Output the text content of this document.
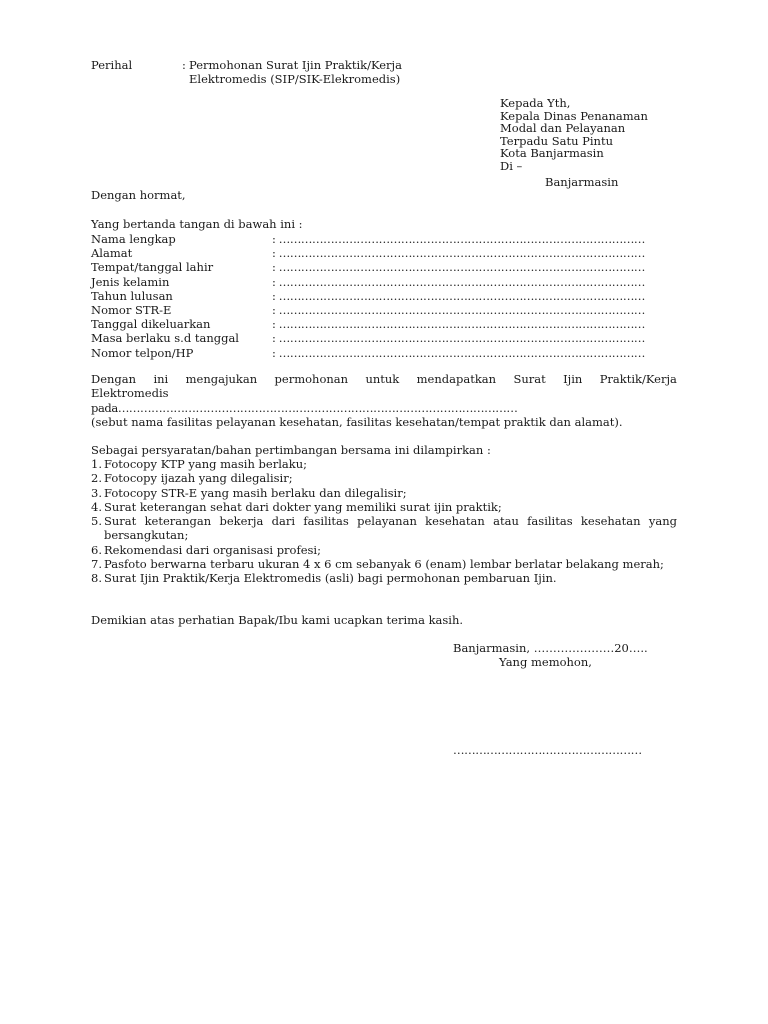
Perihal	: Permohonan Surat Ijin Praktik/Kerja
Elektromedis (SIP/SIK-Elekromedis)
Kepada Yth,
Kepala Dinas Penanaman
Modal dan Pelayanan
Terpadu Satu Pintu
Kota Banjarmasin
Di –
Banjarmasin
Dengan hormat,
Yang bertanda tangan di bawah ini :
Nama lengkap	: ………………………………………………………………………………………
Alamat	: ………………………………………………………………………………………
Tempat/tanggal lahir	: ………………………………………………………………………………………
Jenis kelamin	: ………………………………………………………………………………………
Tahun lulusan	: ………………………………………………………………………………………
Nomor STR-E	: ………………………………………………………………………………………
Tanggal dikeluarkan	: ………………………………………………………………………………………
Masa berlaku s.d tanggal	: ………………………………………………………………………………………
Nomor telpon/HP	: ………………………………………………………………………………………
Dengan ini mengajukan permohonan untuk mendapatkan Surat Ijin Praktik/Kerja
Elektromedis
pada………………………………………………………………………………………………
(sebut nama fasilitas pelayanan kesehatan, fasilitas kesehatan/tempat praktik dan alamat).
Sebagai persyaratan/bahan pertimbangan bersama ini dilampirkan :
1. Fotocopy KTP yang masih berlaku;
2. Fotocopy ijazah yang dilegalisir;
3. Fotocopy STR-E yang masih berlaku dan dilegalisir;
4. Surat keterangan sehat dari dokter yang memiliki surat ijin praktik;
5. Surat keterangan bekerja dari fasilitas pelayanan kesehatan atau fasilitas kesehatan yang bersangkutan;
6. Rekomendasi dari organisasi profesi;
7. Pasfoto berwarna terbaru ukuran 4 x 6 cm sebanyak 6 (enam) lembar berlatar belakang merah;
8. Surat Ijin Praktik/Kerja Elektromedis (asli) bagi permohonan pembaruan Ijin.
Demikian atas perhatian Bapak/Ibu kami ucapkan terima kasih.
Banjarmasin, …………………20…..
Yang memohon,
……………………………………………
